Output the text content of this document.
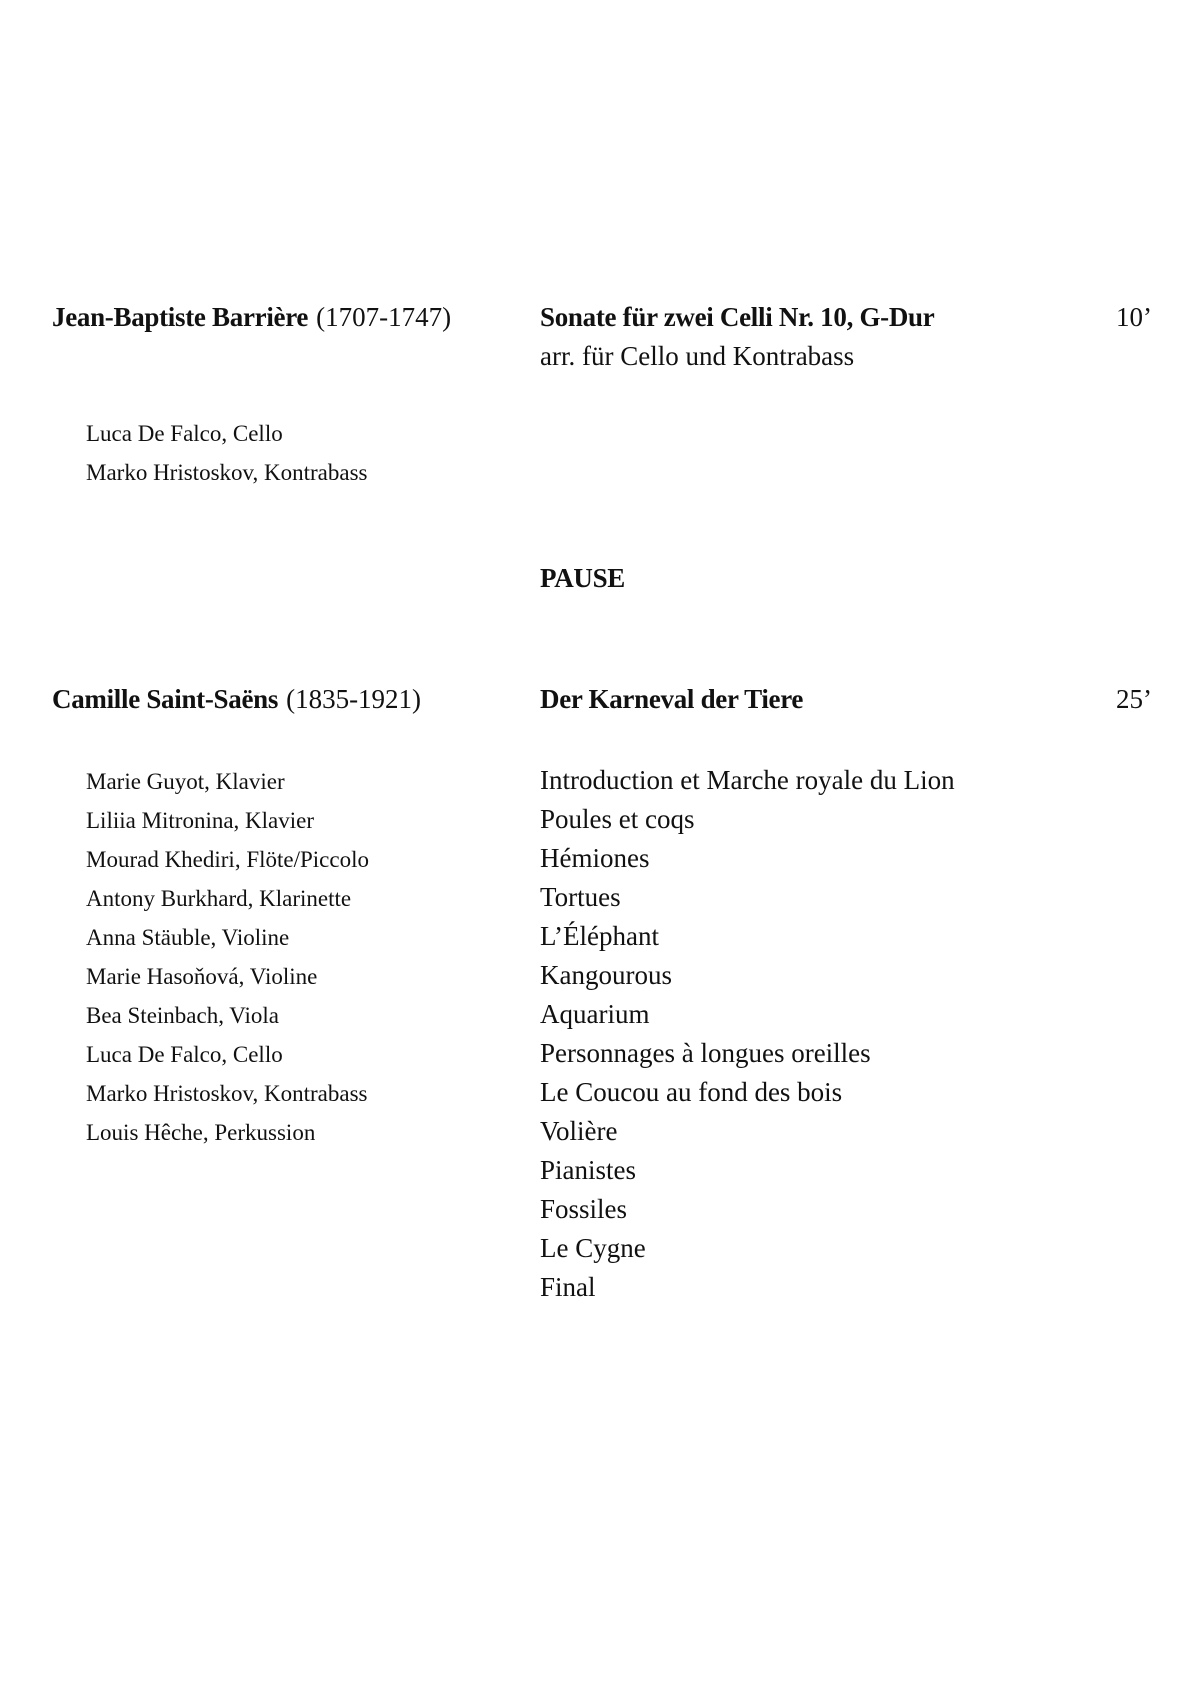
Jean-Baptiste Barrière (1707-1747)	Sonate für zwei Celli Nr. 10, G-Dur	10’
arr. für Cello und Kontrabass
Luca De Falco, Cello
Marko Hristoskov, Kontrabass
PAUSE
Camille Saint-Saëns (1835-1921)	Der Karneval der Tiere	25’
Marie Guyot, Klavier
Liliia Mitronina, Klavier
Mourad Khediri, Flöte/Piccolo
Antony Burkhard, Klarinette
Anna Stäuble, Violine
Marie Hasoňová, Violine
Bea Steinbach, Viola
Luca De Falco, Cello
Marko Hristoskov, Kontrabass
Louis Hêche, Perkussion
Introduction et Marche royale du Lion
Poules et coqs
Hémiones
Tortues
L’Éléphant
Kangourous
Aquarium
Personnages à longues oreilles
Le Coucou au fond des bois
Volière
Pianistes
Fossiles
Le Cygne
Final
